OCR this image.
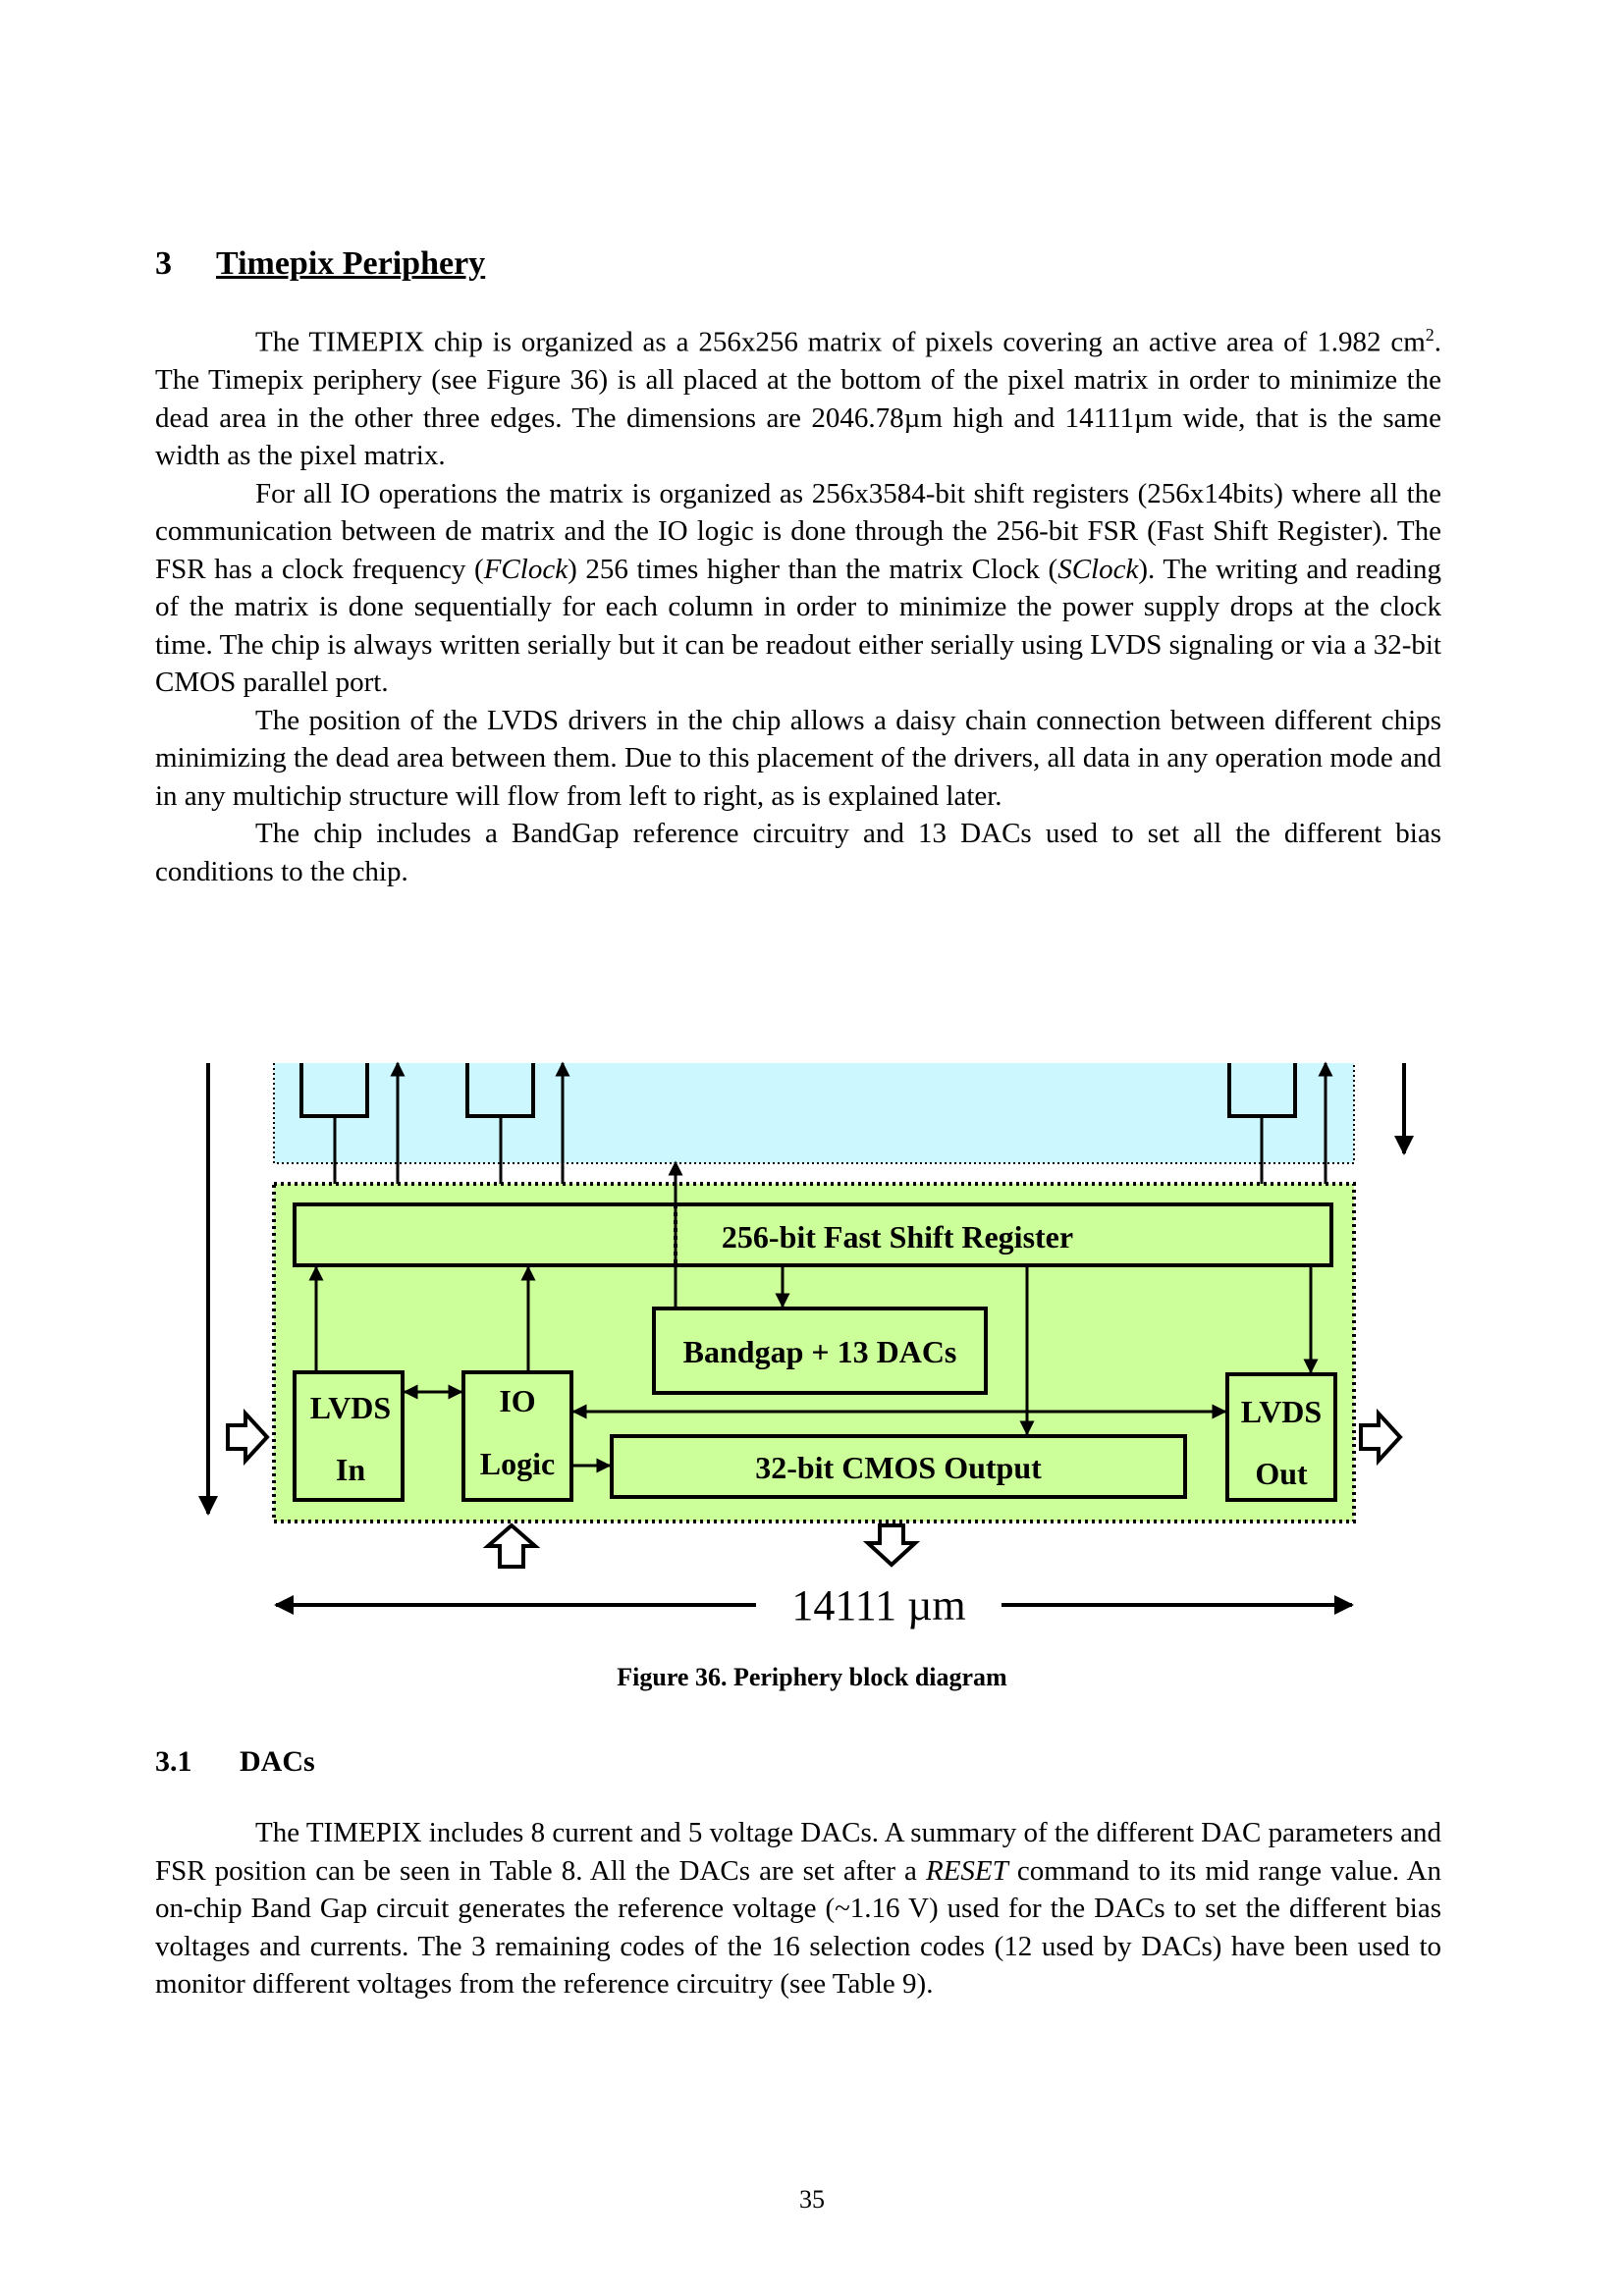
3 Timepix Periphery

The TIMEPIX chip is organized as a 256x256 matrix of pixels covering an active area of 1.982 $cm^2$. The Timepix periphery (see Figure 36) is all placed at the bottom of the pixel matrix in order to minimize the dead area in the other three edges. The dimensions are 2046.78µm high and 14111µm wide, that is the same width as the pixel matrix.

For all IO operations the matrix is organized as 256x3584-bit shift registers (256x14bits) where all the communication between de matrix and the IO logic is done through the 256-bit FSR (Fast Shift Register). The FSR has a clock frequency (FClock) 256 times higher than the matrix Clock (SClock). The writing and reading of the matrix is done sequentially for each column in order to minimize the power supply drops at the clock time. The chip is always written serially but it can be readout either serially using LVDS signaling or via a 32-bit CMOS parallel port.

The position of the LVDS drivers in the chip allows a daisy chain connection between different chips minimizing the dead area between them. Due to this placement of the drivers, all data in any operation mode and in any multichip structure will flow from left to right, as is explained later.

The chip includes a BandGap reference circuitry and 13 DACs used to set all the different bias conditions to the chip.

256-bit Fast Shift Register
Bandgap + 13 DACs
LVDS
In
IO
Logic	32-bit CMOS Output
LVDS
Out
14111 µm
Figure 36. Periphery block diagram
3.1 DACs

The TIMEPIX includes 8 current and 5 voltage DACs. A summary of the different DAC parameters and FSR position can be seen in Table 8. All the DACs are set after a RESET command to its mid range value. An on-chip Band Gap circuit generates the reference voltage (~1.16 V) used for the DACs to set the different bias voltages and currents. The 3 remaining codes of the 16 selection codes (12 used by DACs) have been used to monitor different voltages from the reference circuitry (see Table 9).

35
